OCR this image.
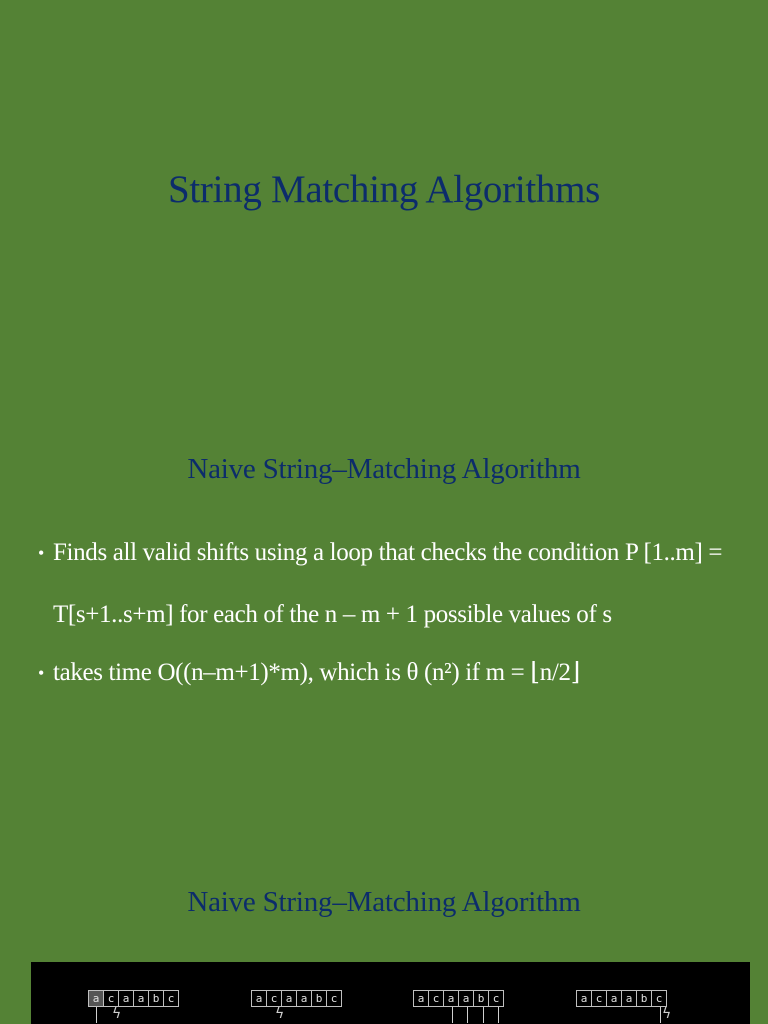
String Matching Algorithms
Naive String–Matching Algorithm
• Finds all valid shifts using a loop that checks the condition P [1..m] = T[s+1..s+m] for each of the n – m + 1 possible values of s
• takes time O((n–m+1)*m), which is θ (n²) if m = ⌊n/2⌋
Naive String–Matching Algorithm
a c a a b c
ϟ
a c a a b c
ϟ
a c a a b c	a c a a b c
ϟ
